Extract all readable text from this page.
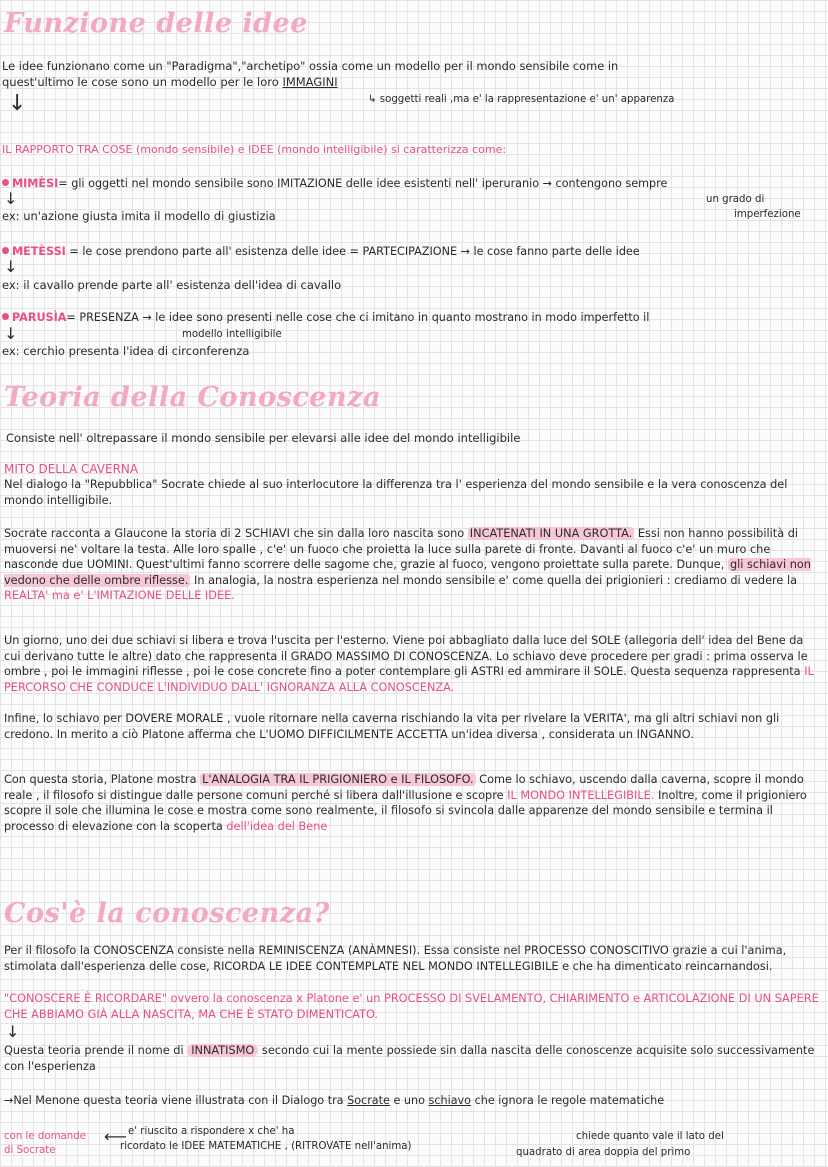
Funzione delle idee
Le idee funzionano come un "Paradigma","archetipo" ossia come un modello per il mondo sensibile come in
quest'ultimo le cose sono un modello per le loro IMMAGINI
↳ soggetti reali ,ma e' la rappresentazione e' un' apparenza
↓
IL RAPPORTO TRA COSE (mondo sensibile) e IDEE (mondo intelligibile) si caratterizza come:
MIMÈSI= gli oggetti nel mondo sensibile sono IMITAZIONE delle idee esistenti nell' iperuranio → contengono sempre
un grado di
imperfezione
↓
ex: un'azione giusta imita il modello di giustizia
METÈSSI = le cose prendono parte all' esistenza delle idee = PARTECIPAZIONE → le cose fanno parte delle idee
↓
ex: il cavallo prende parte all' esistenza dell'idea di cavallo
PARUSÌA= PRESENZA → le idee sono presenti nelle cose che ci imitano in quanto mostrano in modo imperfetto il
↓	modello intelligibile
ex: cerchio presenta l'idea di circonferenza
Teoria della Conoscenza
Consiste nell' oltrepassare il mondo sensibile per elevarsi alle idee del mondo intelligibile
MITO DELLA CAVERNA
Nel dialogo la "Repubblica" Socrate chiede al suo interlocutore la differenza tra l' esperienza del mondo sensibile e la vera conoscenza del mondo intelligibile.
Socrate racconta a Glaucone la storia di 2 SCHIAVI che sin dalla loro nascita sono INCATENATI IN UNA GROTTA. Essi non hanno possibilità di muoversi ne' voltare la testa. Alle loro spalle , c'e' un fuoco che proietta la luce sulla parete di fronte. Davanti al fuoco c'e' un muro che nasconde due UOMINI. Quest'ultimi fanno scorrere delle sagome che, grazie al fuoco, vengono proiettate sulla parete. Dunque, gli schiavi non vedono che delle ombre riflesse. In analogia, la nostra esperienza nel mondo sensibile e' come quella dei prigionieri : crediamo di vedere la REALTA' ma e' L'IMITAZIONE DELLE IDEE.
Un giorno, uno dei due schiavi si libera e trova l'uscita per l'esterno. Viene poi abbagliato dalla luce del SOLE (allegoria dell' idea del Bene da cui derivano tutte le altre) dato che rappresenta il GRADO MASSIMO DI CONOSCENZA. Lo schiavo deve procedere per gradi : prima osserva le ombre , poi le immagini riflesse , poi le cose concrete fino a poter contemplare gli ASTRI ed ammirare il SOLE. Questa sequenza rappresenta IL PERCORSO CHE CONDUCE L'INDIVIDUO DALL' IGNORANZA ALLA CONOSCENZA.
Infine, lo schiavo per DOVERE MORALE , vuole ritornare nella caverna rischiando la vita per rivelare la VERITA', ma gli altri schiavi non gli credono. In merito a ciò Platone afferma che L'UOMO DIFFICILMENTE ACCETTA un'idea diversa , considerata un INGANNO.
Con questa storia, Platone mostra L'ANALOGIA TRA IL PRIGIONIERO e IL FILOSOFO. Come lo schiavo, uscendo dalla caverna, scopre il mondo reale , il filosofo si distingue dalle persone comuni perché si libera dall'illusione e scopre IL MONDO INTELLEGIBILE. Inoltre, come il prigioniero scopre il sole che illumina le cose e mostra come sono realmente, il filosofo si svincola dalle apparenze del mondo sensibile e termina il processo di elevazione con la scoperta dell'idea del Bene
Cos'è la conoscenza?
Per il filosofo la CONOSCENZA consiste nella REMINISCENZA (ANÀMNESI). Essa consiste nel PROCESSO CONOSCITIVO grazie a cui l'anima, stimolata dall'esperienza delle cose, RICORDA LE IDEE CONTEMPLATE NEL MONDO INTELLEGIBILE e che ha dimenticato reincarnandosi.
"CONOSCERE È RICORDARE" ovvero la conoscenza x Platone e' un PROCESSO DI SVELAMENTO, CHIARIMENTO e ARTICOLAZIONE DI UN SAPERE CHE ABBIAMO GIÀ ALLA NASCITA, MA CHE È STATO DIMENTICATO.
↓
Questa teoria prende il nome di INNATISMO secondo cui la mente possiede sin dalla nascita delle conoscenze acquisite solo successivamente con l'esperienza
→Nel Menone questa teoria viene illustrata con il Dialogo tra Socrate e uno schiavo che ignora le regole matematiche
con le domande
di Socrate
⟵ e' riuscito a rispondere x che' ha
ricordato le IDEE MATEMATICHE , (RITROVATE nell'anima)
chiede quanto vale il lato del
quadrato di area doppia del primo
